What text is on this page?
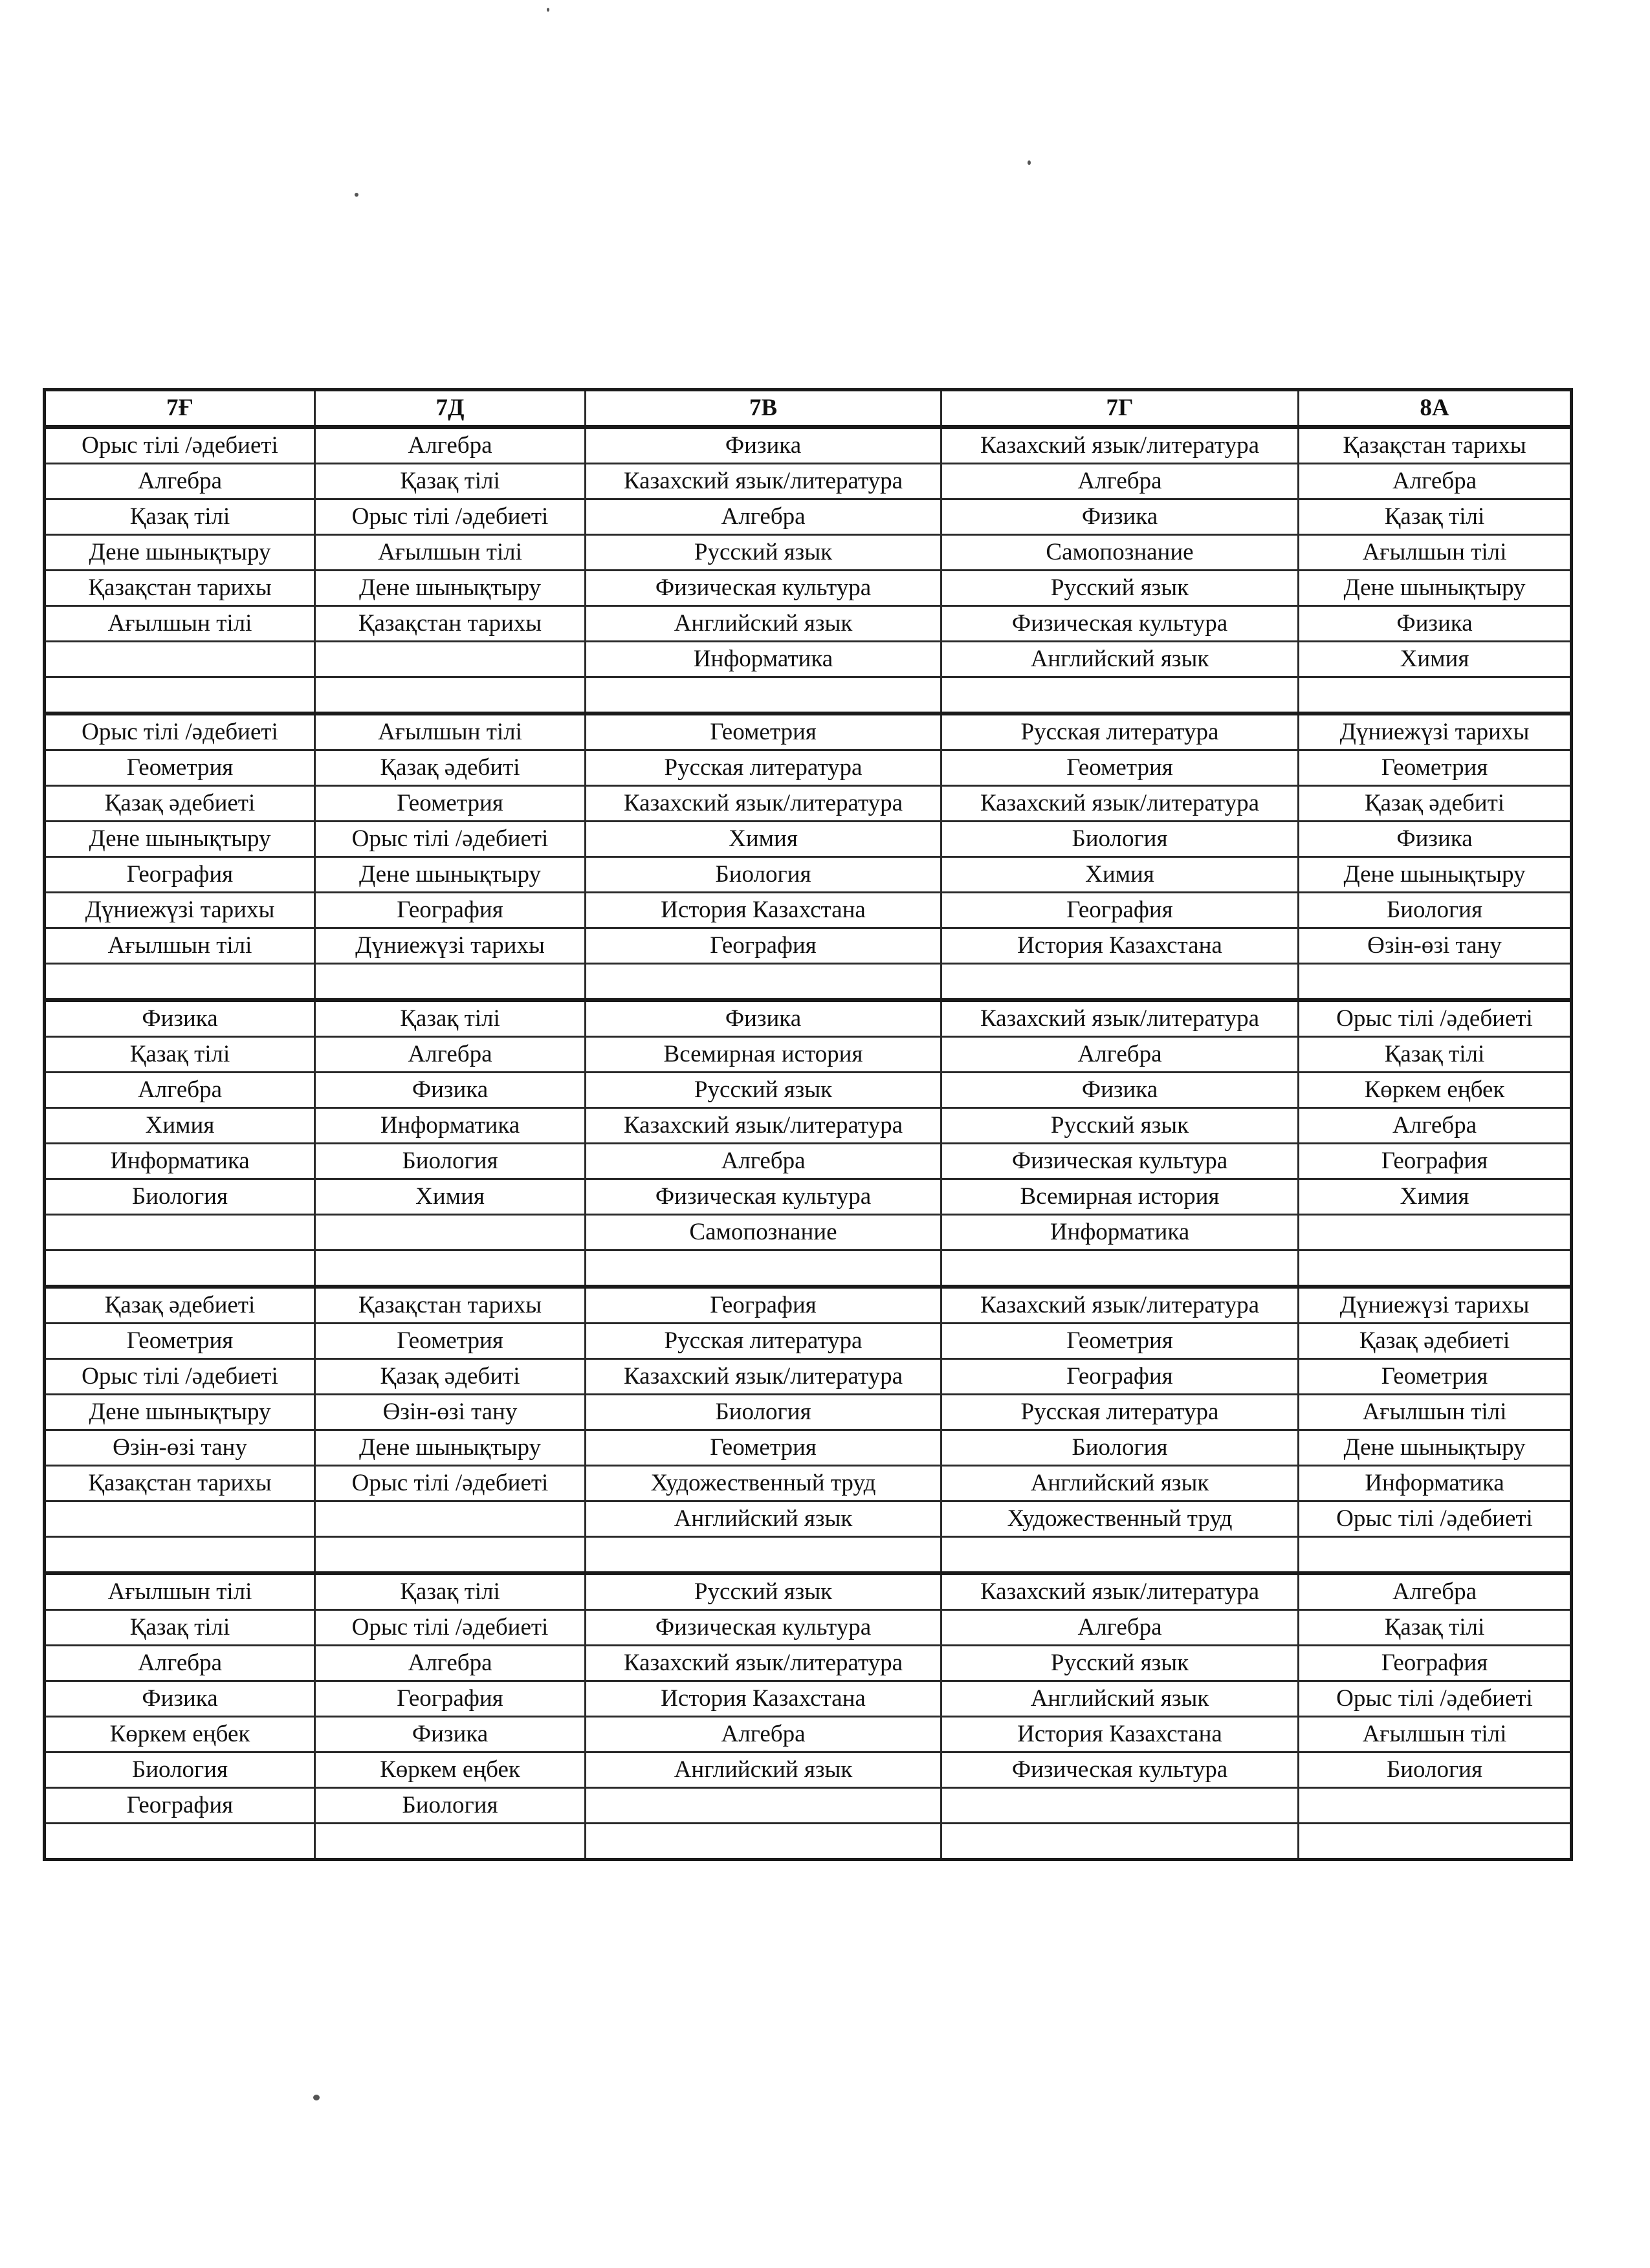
7Ғ	7Д	7В	7Г	8А
Орыс тілі /әдебиеті	Алгебра	Физика	Казахский язык/литература	Қазақстан тарихы
Алгебра	Қазақ тілі	Казахский язык/литература	Алгебра	Алгебра
Қазақ тілі	Орыс тілі /әдебиеті	Алгебра	Физика	Қазақ тілі
Дене шынықтыру	Ағылшын тілі	Русский язык	Самопознание	Ағылшын тілі
Қазақстан тарихы	Дене шынықтыру	Физическая культура	Русский язык	Дене шынықтыру
Ағылшын тілі	Қазақстан тарихы	Английский язык	Физическая культура	Физика
		Информатика	Английский язык	Химия

Орыс тілі /әдебиеті	Ағылшын тілі	Геометрия	Русская литература	Дүниежүзі тарихы
Геометрия	Қазақ әдебиті	Русская литература	Геометрия	Геометрия
Қазақ әдебиеті	Геометрия	Казахский язык/литература	Казахский язык/литература	Қазақ әдебиті
Дене шынықтыру	Орыс тілі /әдебиеті	Химия	Биология	Физика
География	Дене шынықтыру	Биология	Химия	Дене шынықтыру
Дүниежүзі тарихы	География	История Казахстана	География	Биология
Ағылшын тілі	Дүниежүзі тарихы	География	История Казахстана	Өзін-өзі тану

Физика	Қазақ тілі	Физика	Казахский язык/литература	Орыс тілі /әдебиеті
Қазақ тілі	Алгебра	Всемирная история	Алгебра	Қазақ тілі
Алгебра	Физика	Русский язык	Физика	Көркем еңбек
Химия	Информатика	Казахский язык/литература	Русский язык	Алгебра
Информатика	Биология	Алгебра	Физическая культура	География
Биология	Химия	Физическая культура	Всемирная история	Химия
		Самопознание	Информатика	

Қазақ әдебиеті	Қазақстан тарихы	География	Казахский язык/литература	Дүниежүзі тарихы
Геометрия	Геометрия	Русская литература	Геометрия	Қазақ әдебиеті
Орыс тілі /әдебиеті	Қазақ әдебиті	Казахский язык/литература	География	Геометрия
Дене шынықтыру	Өзін-өзі тану	Биология	Русская литература	Ағылшын тілі
Өзін-өзі тану	Дене шынықтыру	Геометрия	Биология	Дене шынықтыру
Қазақстан тарихы	Орыс тілі /әдебиеті	Художественный труд	Английский язык	Информатика
		Английский язык	Художественный труд	Орыс тілі /әдебиеті

Ағылшын тілі	Қазақ тілі	Русский язык	Казахский язык/литература	Алгебра
Қазақ тілі	Орыс тілі /әдебиеті	Физическая культура	Алгебра	Қазақ тілі
Алгебра	Алгебра	Казахский язык/литература	Русский язык	География
Физика	География	История Казахстана	Английский язык	Орыс тілі /әдебиеті
Көркем еңбек	Физика	Алгебра	История Казахстана	Ағылшын тілі
Биология	Көркем еңбек	Английский язык	Физическая культура	Биология
География	Биология			
